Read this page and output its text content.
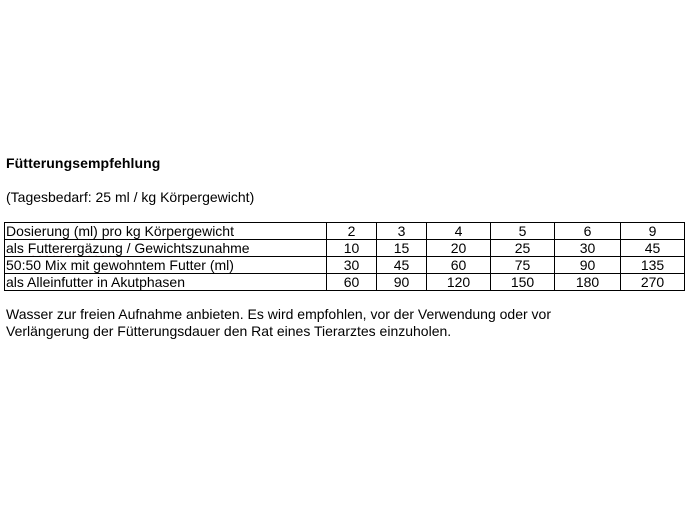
Fütterungsempfehlung
(Tagesbedarf: 25 ml / kg Körpergewicht)
Dosierung (ml) pro kg Körpergewicht	2	3	4	5	6	9
als Futterergäzung / Gewichtszunahme	10	15	20	25	30	45
50:50 Mix mit gewohntem Futter (ml)	30	45	60	75	90	135
als Alleinfutter in Akutphasen	60	90	120	150	180	270
Wasser zur freien Aufnahme anbieten. Es wird empfohlen, vor der Verwendung oder vor
Verlängerung der Fütterungsdauer den Rat eines Tierarztes einzuholen.
